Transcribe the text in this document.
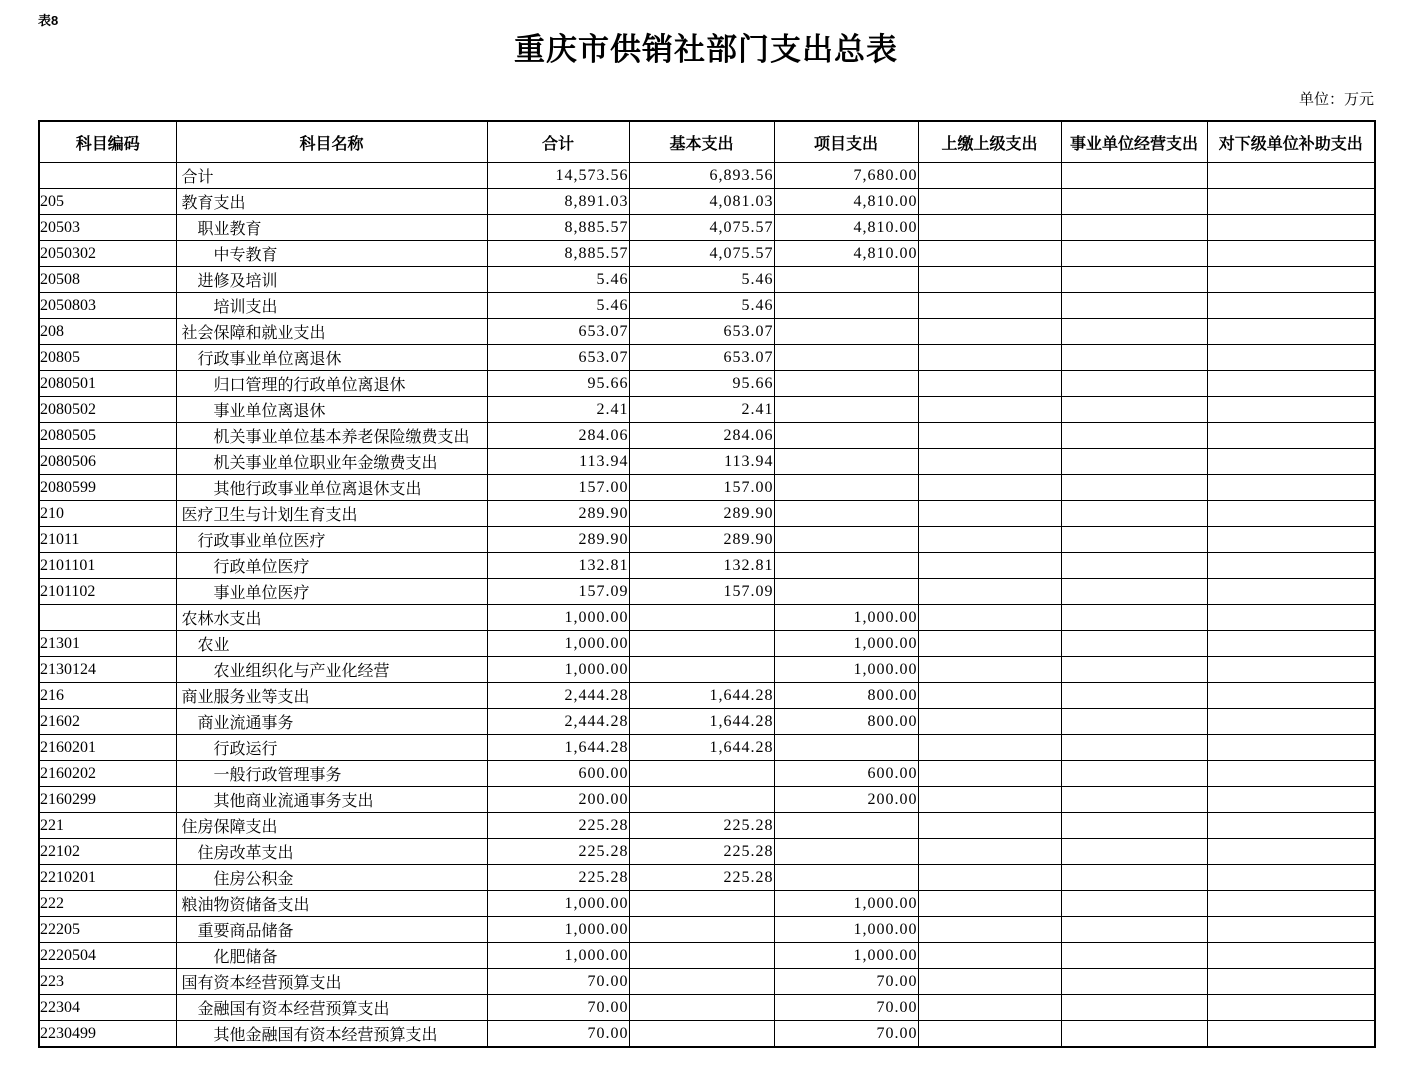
表8
重庆市供销社部门支出总表
单位：万元
科目编码	科目名称	合计	基本支出	项目支出	上缴上级支出	事业单位经营支出	对下级单位补助支出
	合计	14,573.56	6,893.56	7,680.00			
205	教育支出	8,891.03	4,081.03	4,810.00			
20503	职业教育	8,885.57	4,075.57	4,810.00			
2050302	中专教育	8,885.57	4,075.57	4,810.00			
20508	进修及培训	5.46	5.46				
2050803	培训支出	5.46	5.46				
208	社会保障和就业支出	653.07	653.07				
20805	行政事业单位离退休	653.07	653.07				
2080501	归口管理的行政单位离退休	95.66	95.66				
2080502	事业单位离退休	2.41	2.41				
2080505	机关事业单位基本养老保险缴费支出	284.06	284.06				
2080506	机关事业单位职业年金缴费支出	113.94	113.94				
2080599	其他行政事业单位离退休支出	157.00	157.00				
210	医疗卫生与计划生育支出	289.90	289.90				
21011	行政事业单位医疗	289.90	289.90				
2101101	行政单位医疗	132.81	132.81				
2101102	事业单位医疗	157.09	157.09				
	农林水支出	1,000.00		1,000.00			
21301	农业	1,000.00		1,000.00			
2130124	农业组织化与产业化经营	1,000.00		1,000.00			
216	商业服务业等支出	2,444.28	1,644.28	800.00			
21602	商业流通事务	2,444.28	1,644.28	800.00			
2160201	行政运行	1,644.28	1,644.28				
2160202	一般行政管理事务	600.00		600.00			
2160299	其他商业流通事务支出	200.00		200.00			
221	住房保障支出	225.28	225.28				
22102	住房改革支出	225.28	225.28				
2210201	住房公积金	225.28	225.28				
222	粮油物资储备支出	1,000.00		1,000.00			
22205	重要商品储备	1,000.00		1,000.00			
2220504	化肥储备	1,000.00		1,000.00			
223	国有资本经营预算支出	70.00		70.00			
22304	金融国有资本经营预算支出	70.00		70.00			
2230499	其他金融国有资本经营预算支出	70.00		70.00			
